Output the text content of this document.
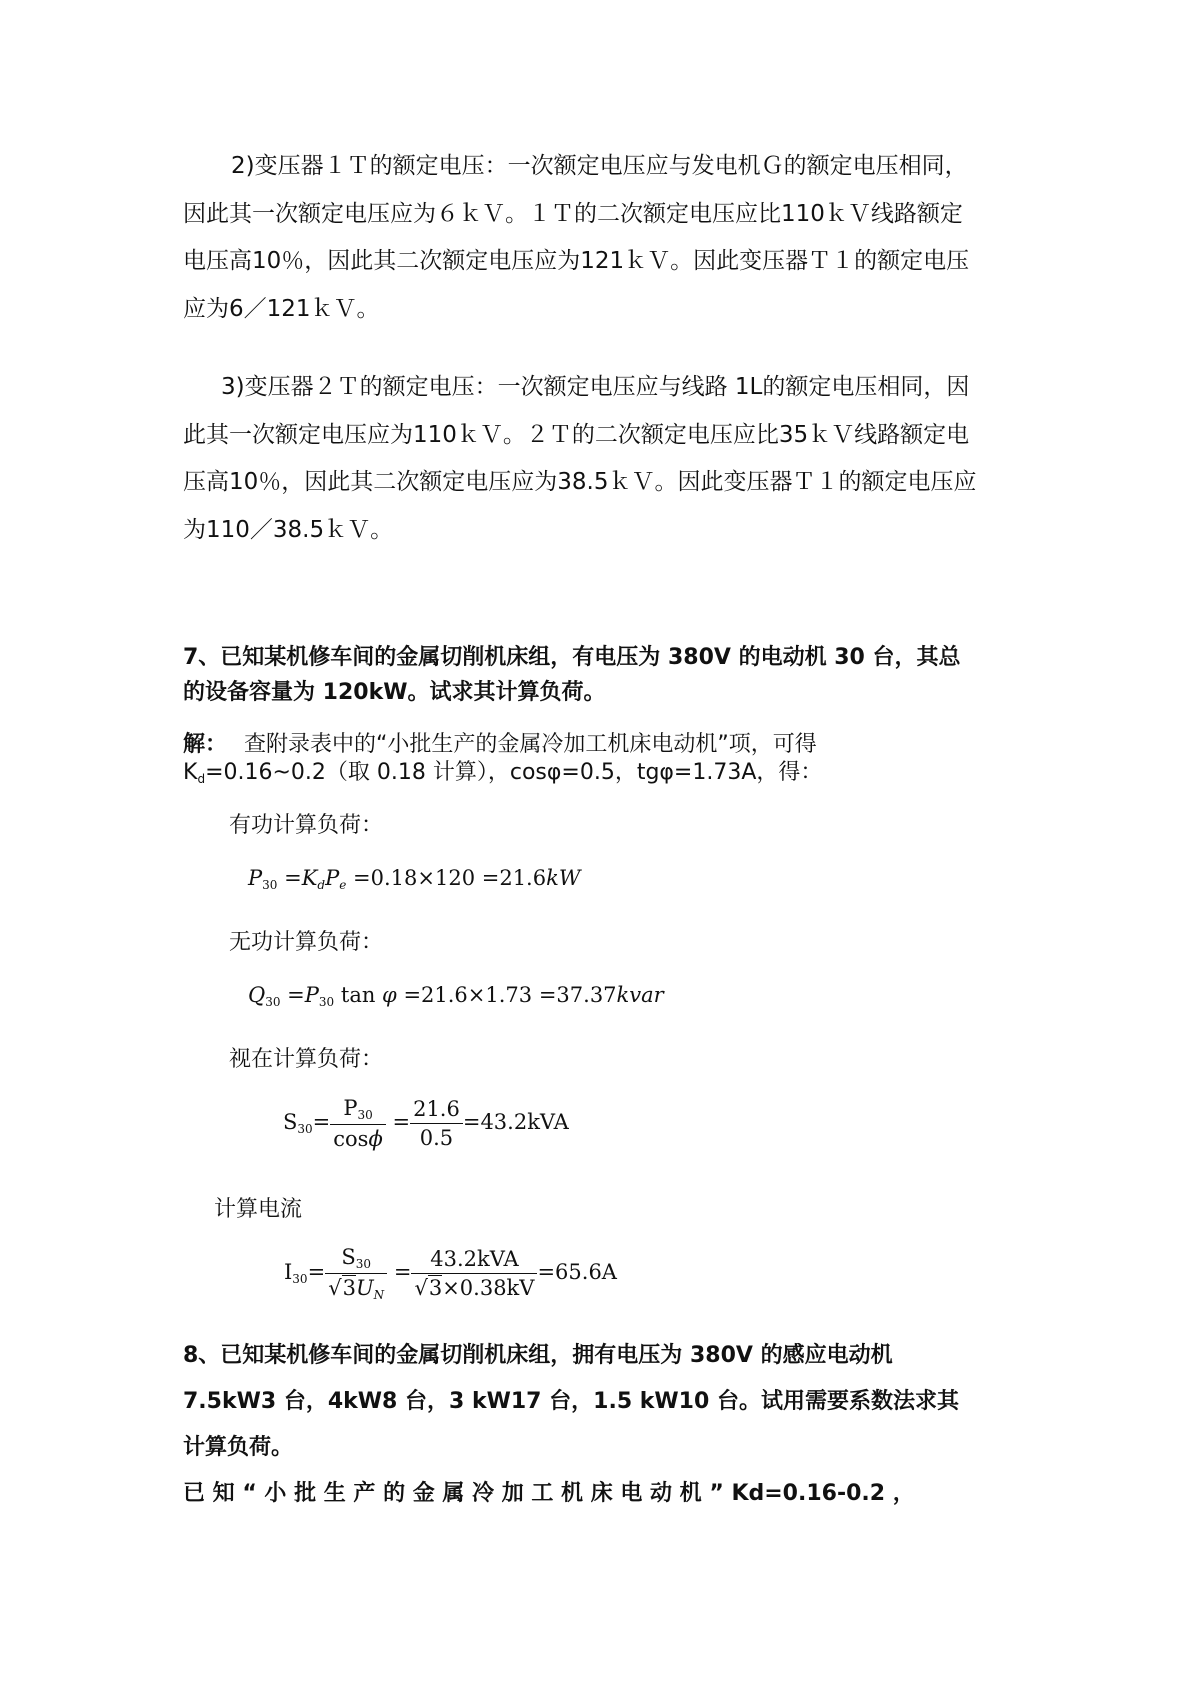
2)变压器１Ｔ的额定电压：一次额定电压应与发电机Ｇ的额定电压相同，
因此其一次额定电压应为６ｋＶ。１Ｔ的二次额定电压应比110ｋＶ线路额定
电压高10％，因此其二次额定电压应为121ｋＶ。因此变压器Ｔ１的额定电压
应为6／121ｋＶ。
3)变压器２Ｔ的额定电压：一次额定电压应与线路 1L的额定电压相同，因
此其一次额定电压应为110ｋＶ。２Ｔ的二次额定电压应比35ｋＶ线路额定电
压高10％，因此其二次额定电压应为38.5ｋＶ。因此变压器Ｔ１的额定电压应
为110／38.5ｋＶ。
7、已知某机修车间的金属切削机床组，有电压为 380V 的电动机 30 台，其总
的设备容量为 120kW。试求其计算负荷。
解： 查附录表中的“小批生产的金属冷加工机床电动机”项，可得
$K_d=0.16\sim 0.2$（取 0.18 计算），cosφ=0.5，tgφ=1.73A，得：
有功计算负荷：
$P_{30} =K_dP_e =0.18\times 120 =21.6kW$
无功计算负荷：
$Q_{30} =P_{30}$ tan φ =21.6×1.73 =37.37kvar
视在计算负荷：
$S_{30}= \frac{P_{30}}{\cos\phi} = \frac{21.6}{0.5} =43.2kVA$
计算电流
$I_{30}= \frac{S_{30}}{√3U_N} = \frac{\text{43.2kVA}}{√3\times 0.38kV} =65.6A$
8、已知某机修车间的金属切削机床组，拥有电压为 380V 的感应电动机
7.5kW3 台，4kW8 台，3 kW17 台，1.5 kW10 台。试用需要系数法求其
计算负荷。
已 知 “ 小 批 生 产 的 金 属 冷 加 工 机 床 电 动 机 ” Kd=0.16-0.2 ，
